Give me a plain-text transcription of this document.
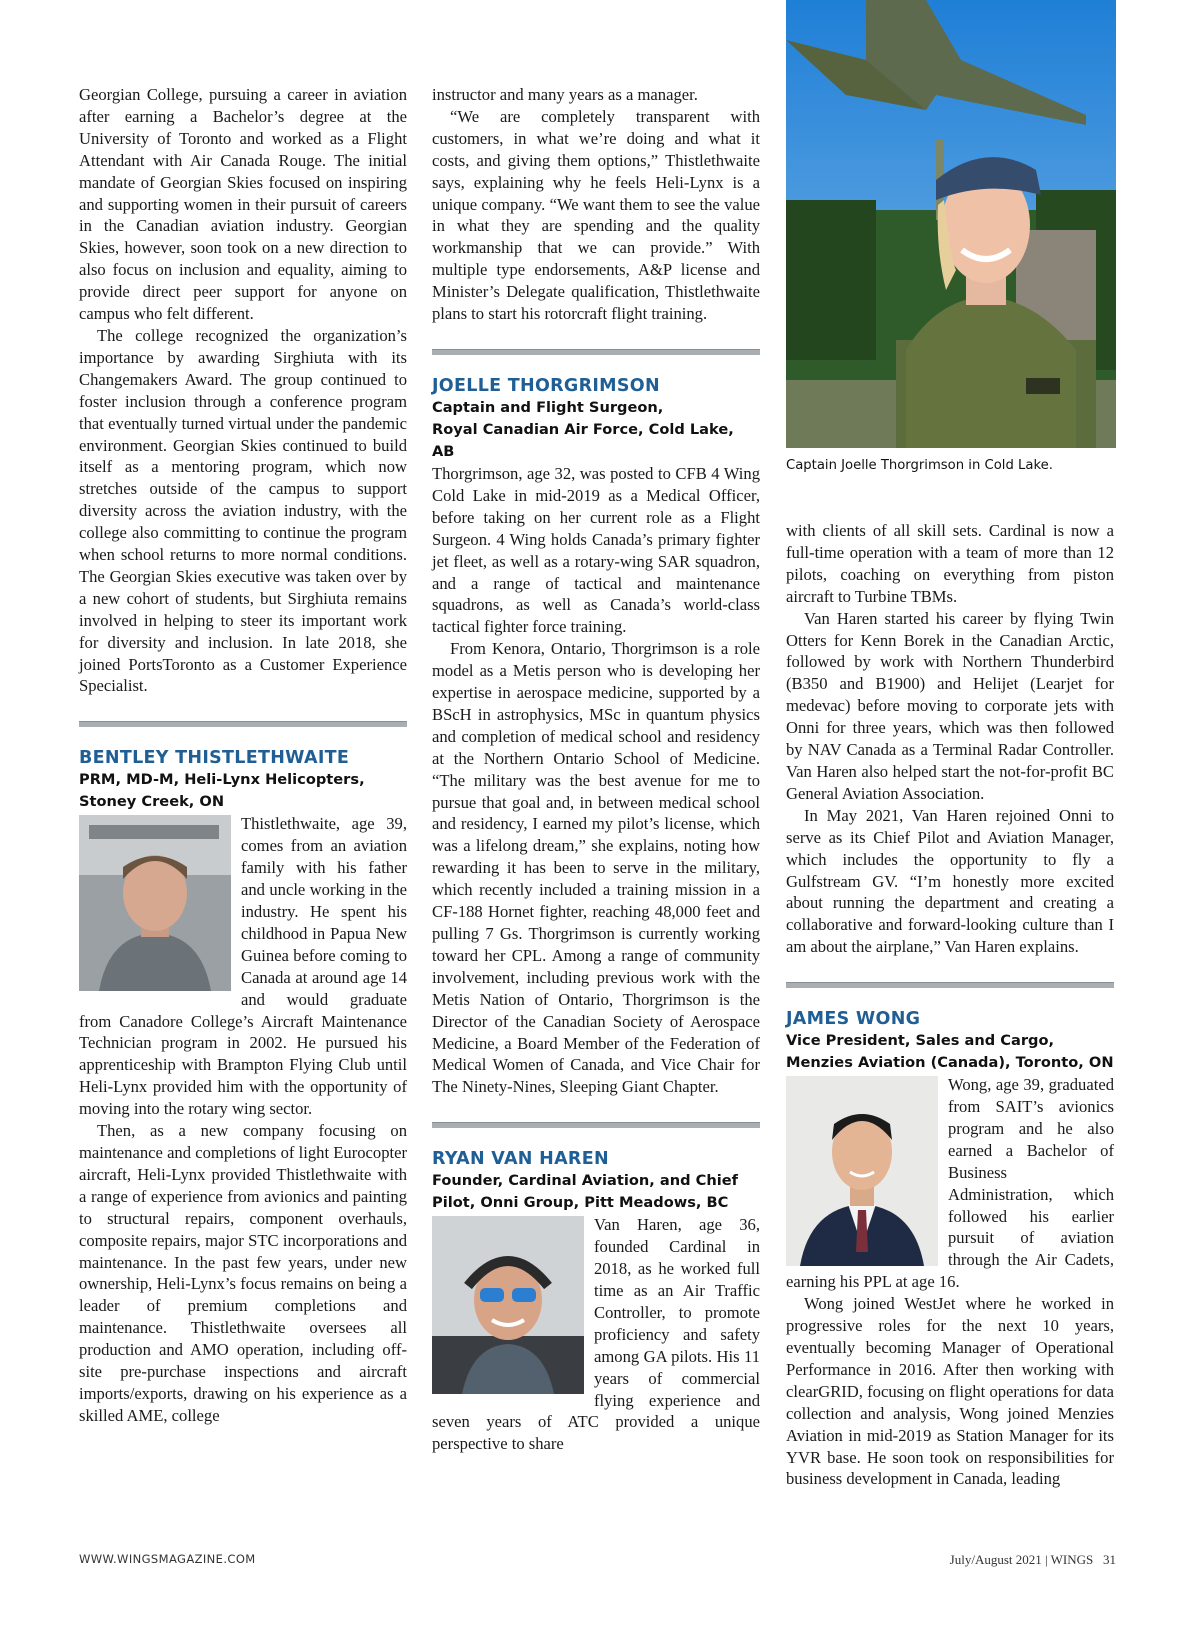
Captain Joelle Thorgrimson in Cold Lake.

Georgian College, pursuing a career in aviation after earning a Bachelor’s degree at the University of Toronto and worked as a Flight Attendant with Air Canada Rouge. The initial mandate of Georgian Skies focused on inspiring and supporting women in their pursuit of careers in the Canadian aviation industry. Georgian Skies, however, soon took on a new direction to also focus on inclusion and equality, aiming to provide direct peer support for anyone on campus who felt different.

The college recognized the organization’s importance by awarding Sirghiuta with its Changemakers Award. The group continued to foster inclusion through a conference program that eventually turned virtual under the pandemic environment. Georgian Skies continued to build itself as a mentoring program, which now stretches outside of the campus to support diversity across the aviation industry, with the college also committing to continue the program when school returns to more normal conditions. The Georgian Skies executive was taken over by a new cohort of students, but Sirghiuta remains involved in helping to steer its important work for diversity and inclusion. In late 2018, she joined PortsToronto as a Customer Experience Specialist.

BENTLEY THISTLETHWAITE
PRM, MD-M, Heli-Lynx Helicopters,
Stoney Creek, ON

Thistlethwaite, age 39, comes from an aviation family with his father and uncle working in the industry. He spent his childhood in Papua New Guinea before coming to Canada at around age 14 and would graduate from Canadore College’s Aircraft Maintenance Technician program in 2002. He pursued his apprenticeship with Brampton Flying Club until Heli-Lynx provided him with the opportunity of moving into the rotary wing sector.

Then, as a new company focusing on maintenance and completions of light Eurocopter aircraft, Heli-Lynx provided Thistlethwaite with a range of experience from avionics and painting to structural repairs, component overhauls, composite repairs, major STC incorporations and maintenance. In the past few years, under new ownership, Heli-Lynx’s focus remains on being a leader of premium completions and maintenance. Thistlethwaite oversees all production and AMO operation, including off-site pre-purchase inspections and aircraft imports/exports, drawing on his experience as a skilled AME, college

instructor and many years as a manager.

“We are completely transparent with customers, in what we’re doing and what it costs, and giving them options,” Thistlethwaite says, explaining why he feels Heli-Lynx is a unique company. “We want them to see the value in what they are spending and the quality workmanship that we can provide.” With multiple type endorsements, A&P license and Minister’s Delegate qualification, Thistlethwaite plans to start his rotorcraft flight training.

JOELLE THORGRIMSON
Captain and Flight Surgeon,
Royal Canadian Air Force, Cold Lake, AB

Thorgrimson, age 32, was posted to CFB 4 Wing Cold Lake in mid-2019 as a Medical Officer, before taking on her current role as a Flight Surgeon. 4 Wing holds Canada’s primary fighter jet fleet, as well as a rotary-wing SAR squadron, and a range of tactical and maintenance squadrons, as well as Canada’s world-class tactical fighter force training.

From Kenora, Ontario, Thorgrimson is a role model as a Metis person who is developing her expertise in aerospace medicine, supported by a BScH in astrophysics, MSc in quantum physics and completion of medical school and residency at the Northern Ontario School of Medicine. “The military was the best avenue for me to pursue that goal and, in between medical school and residency, I earned my pilot’s license, which was a lifelong dream,” she explains, noting how rewarding it has been to serve in the military, which recently included a training mission in a CF-188 Hornet fighter, reaching 48,000 feet and pulling 7 Gs. Thorgrimson is currently working toward her CPL. Among a range of community involvement, including previous work with the Metis Nation of Ontario, Thorgrimson is the Director of the Canadian Society of Aerospace Medicine, a Board Member of the Federation of Medical Women of Canada, and Vice Chair for The Ninety-Nines, Sleeping Giant Chapter.

RYAN VAN HAREN
Founder, Cardinal Aviation, and Chief
Pilot, Onni Group, Pitt Meadows, BC

Van Haren, age 36, founded Cardinal in 2018, as he worked full time as an Air Traffic Controller, to promote proficiency and safety among GA pilots. His 11 years of commercial flying experience and seven years of ATC provided a unique perspective to share

with clients of all skill sets. Cardinal is now a full-time operation with a team of more than 12 pilots, coaching on everything from piston aircraft to Turbine TBMs.

Van Haren started his career by flying Twin Otters for Kenn Borek in the Canadian Arctic, followed by work with Northern Thunderbird (B350 and B1900) and Helijet (Learjet for medevac) before moving to corporate jets with Onni for three years, which was then followed by NAV Canada as a Terminal Radar Controller. Van Haren also helped start the not-for-profit BC General Aviation Association.

In May 2021, Van Haren rejoined Onni to serve as its Chief Pilot and Aviation Manager, which includes the opportunity to fly a Gulfstream GV. “I’m honestly more excited about running the department and creating a collaborative and forward-looking culture than I am about the airplane,” Van Haren explains.

JAMES WONG
Vice President, Sales and Cargo,
Menzies Aviation (Canada), Toronto, ON

Wong, age 39, graduated from SAIT’s avionics program and he also earned a Bachelor of Business Administration, which followed his earlier pursuit of aviation through the Air Cadets, earning his PPL at age 16.

Wong joined WestJet where he worked in progressive roles for the next 10 years, eventually becoming Manager of Operational Performance in 2016. After then working with clearGRID, focusing on flight operations for data collection and analysis, Wong joined Menzies Aviation in mid-2019 as Station Manager for its YVR base. He soon took on responsibilities for business development in Canada, leading

WWW.WINGSMAGAZINE.COM	July/August 2021 | WINGS   31
